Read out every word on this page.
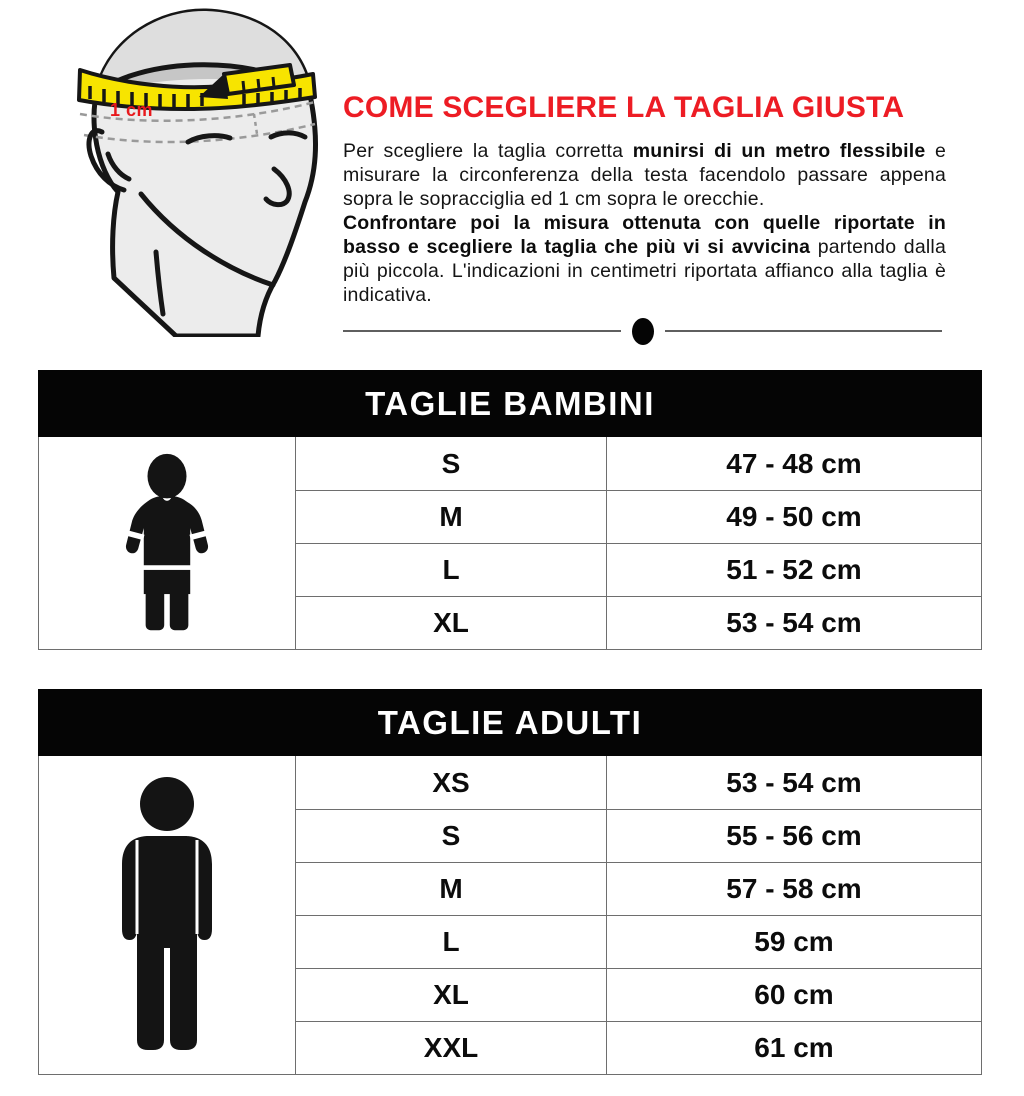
1 cm	COME SCEGLIERE LA TAGLIA GIUSTA
Per scegliere la taglia corretta munirsi di un metro flessibile e misurare la circonferenza della testa facendolo passare appena sopra le sopracciglia ed 1 cm sopra le orecchie.
Confrontare poi la misura ottenuta con quelle riportate in basso e scegliere la taglia che più vi si avvicina partendo dalla più piccola. L'indicazioni in centimetri riportata affianco alla taglia è indicativa.
TAGLIE BAMBINI
S	47 - 48 cm
M	49 - 50 cm
L	51 - 52 cm
XL	53 - 54 cm
TAGLIE ADULTI
XS	53 - 54 cm
S	55 - 56 cm
M	57 - 58 cm
L	59 cm
XL	60 cm
XXL	61 cm
